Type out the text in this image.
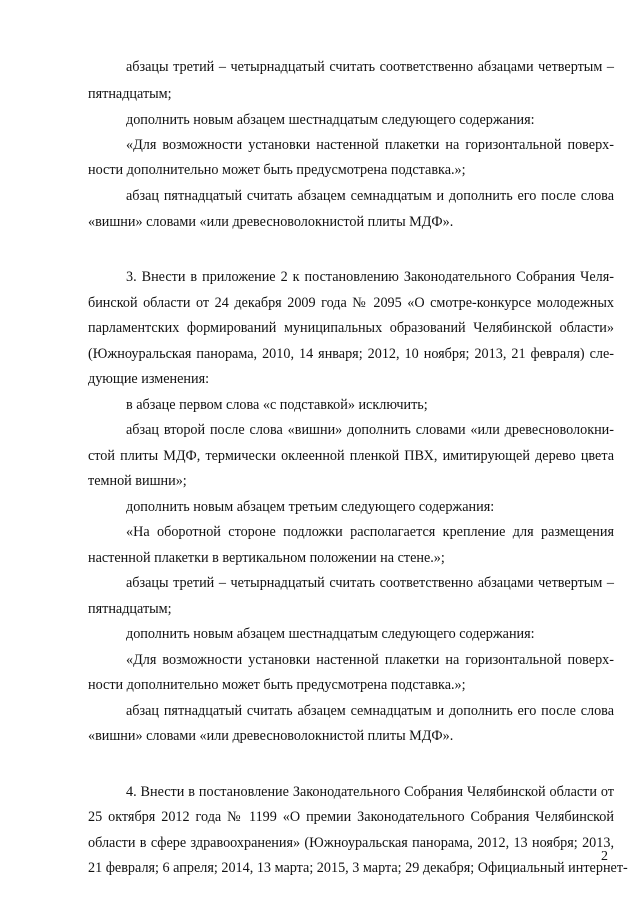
абзацы третий – четырнадцатый считать соответственно абзацами четвертым –
пятнадцатым;
дополнить новым абзацем шестнадцатым следующего содержания:
«Для возможности установки настенной плакетки на горизонтальной поверх-
ности дополнительно может быть предусмотрена подставка.»;
абзац пятнадцатый считать абзацем семнадцатым и дополнить его после слова
«вишни» словами «или древесноволокнистой плиты МДФ».
3. Внести в приложение 2 к постановлению Законодательного Собрания Челя-
бинской области от 24 декабря 2009 года № 2095 «О смотре-конкурсе молодежных
парламентских формирований муниципальных образований Челябинской области»
(Южноуральская панорама, 2010, 14 января; 2012, 10 ноября; 2013, 21 февраля) сле-
дующие изменения:
в абзаце первом слова «с подставкой» исключить;
абзац второй после слова «вишни» дополнить словами «или древесноволокни-
стой плиты МДФ, термически оклеенной пленкой ПВХ, имитирующей дерево цвета
темной вишни»;
дополнить новым абзацем третьим следующего содержания:
«На оборотной стороне подложки располагается крепление для размещения
настенной плакетки в вертикальном положении на стене.»;
абзацы третий – четырнадцатый считать соответственно абзацами четвертым –
пятнадцатым;
дополнить новым абзацем шестнадцатым следующего содержания:
«Для возможности установки настенной плакетки на горизонтальной поверх-
ности дополнительно может быть предусмотрена подставка.»;
абзац пятнадцатый считать абзацем семнадцатым и дополнить его после слова
«вишни» словами «или древесноволокнистой плиты МДФ».
4. Внести в постановление Законодательного Собрания Челябинской области от
25 октября 2012 года № 1199 «О премии Законодательного Собрания Челябинской
области в сфере здравоохранения» (Южноуральская панорама, 2012, 13 ноября; 2013,
21 февраля; 6 апреля; 2014, 13 марта; 2015, 3 марта; 29 декабря; Официальный интернет-
2
